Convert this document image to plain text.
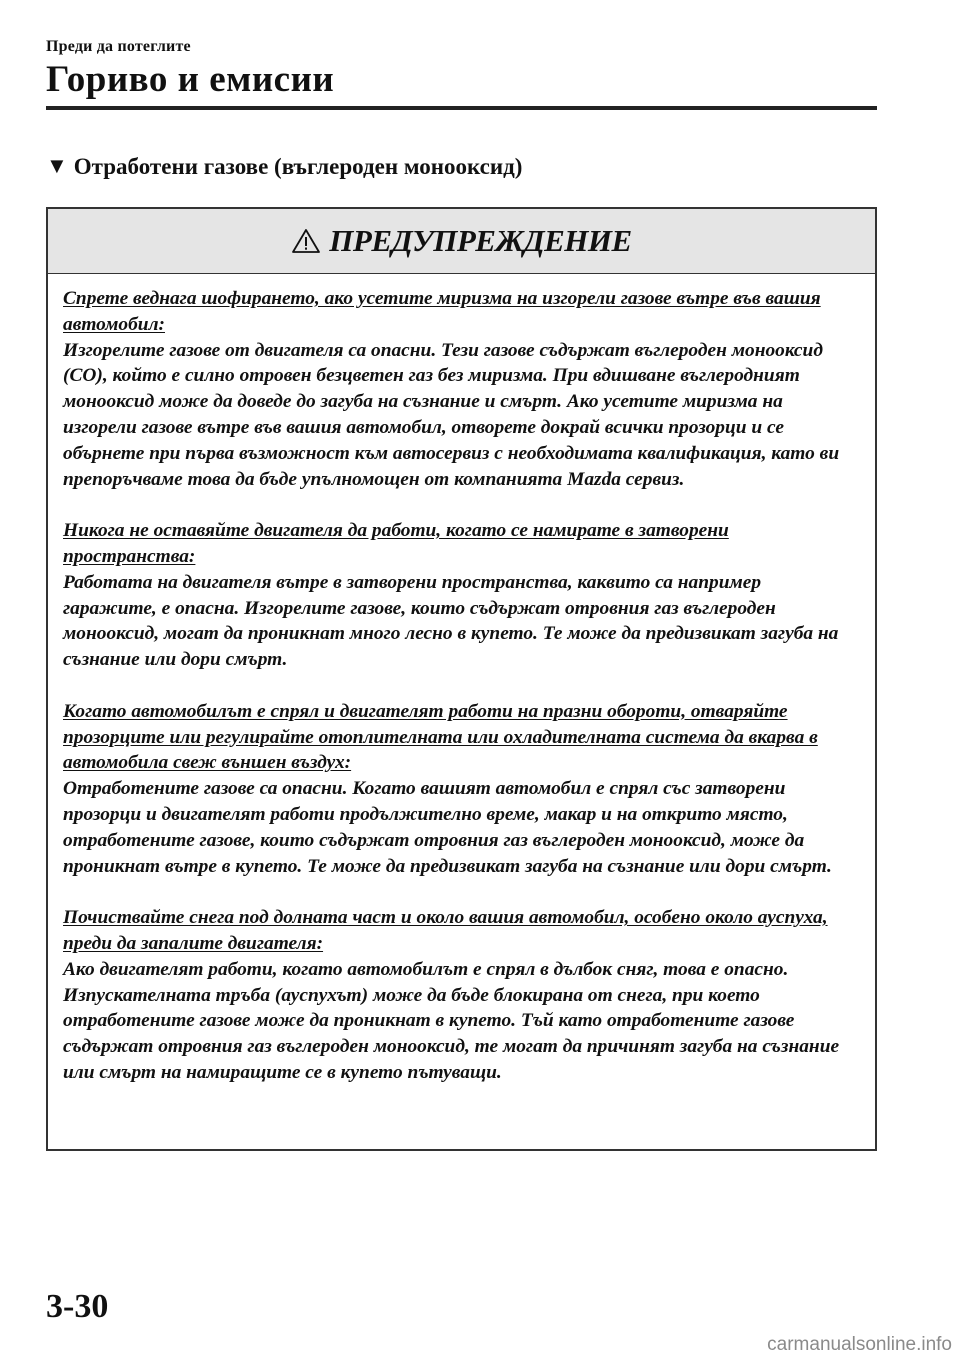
Преди да потеглите
Гориво и емисии
▼ Отработени газове (въглероден монооксид)
ПРЕДУПРЕЖДЕНИЕ
Спрете веднага шофирането, ако усетите миризма на изгорели газове вътре във вашия автомобил:
Изгорелите газове от двигателя са опасни. Тези газове съдържат въглероден монооксид (CO), който е силно отровен безцветен газ без миризма. При вдишване въглеродният монооксид може да доведе до загуба на съзнание и смърт. Ако усетите миризма на изгорели газове вътре във вашия автомобил, отворете докрай всички прозорци и се обърнете при първа възможност към автосервиз с необходимата квалификация, като ви препоръчваме това да бъде упълномощен от компанията Mazda сервиз.
Никога не оставяйте двигателя да работи, когато се намирате в затворени пространства:
Работата на двигателя вътре в затворени пространства, каквито са например гаражите, е опасна. Изгорелите газове, които съдържат отровния газ въглероден монооксид, могат да проникнат много лесно в купето. Те може да предизвикат загуба на съзнание или дори смърт.
Когато автомобилът е спрял и двигателят работи на празни обороти, отваряйте прозорците или регулирайте отоплителната или охладителната система да вкарва в автомобила свеж външен въздух:
Отработените газове са опасни. Когато вашият автомобил е спрял със затворени прозорци и двигателят работи продължително време, макар и на открито място, отработените газове, които съдържат отровния газ въглероден монооксид, може да проникнат вътре в купето. Те може да предизвикат загуба на съзнание или дори смърт.
Почиствайте снега под долната част и около вашия автомобил, особено около ауспуха, преди да запалите двигателя:
Ако двигателят работи, когато автомобилът е спрял в дълбок сняг, това е опасно. Изпускателната тръба (ауспухът) може да бъде блокирана от снега, при което отработените газове може да проникнат в купето. Тъй като отработените газове съдържат отровния газ въглероден монооксид, те могат да причинят загуба на съзнание или смърт на намиращите се в купето пътуващи.
3-30
carmanualsonline.info
